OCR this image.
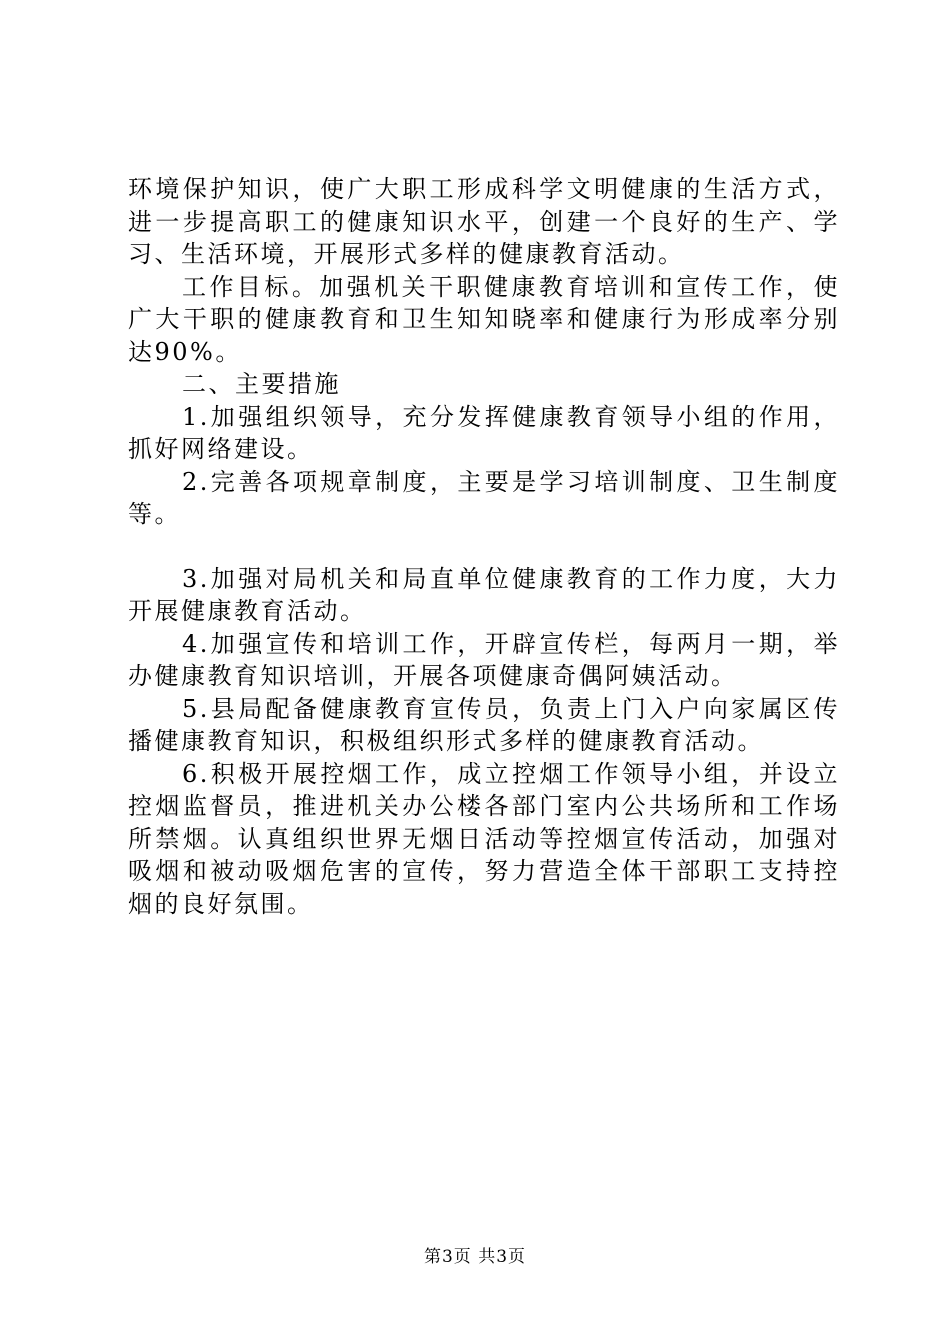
环境保护知识，使广大职工形成科学文明健康的生活方式，进一步提高职工的健康知识水平，创建一个良好的生产、学习、生活环境，开展形式多样的健康教育活动。

工作目标。加强机关干职健康教育培训和宣传工作，使广大干职的健康教育和卫生知知晓率和健康行为形成率分别达90%。

二、主要措施

1.加强组织领导，充分发挥健康教育领导小组的作用，抓好网络建设。

2.完善各项规章制度，主要是学习培训制度、卫生制度等。

3.加强对局机关和局直单位健康教育的工作力度，大力开展健康教育活动。

4.加强宣传和培训工作，开辟宣传栏，每两月一期，举办健康教育知识培训，开展各项健康奇偶阿姨活动。

5.县局配备健康教育宣传员，负责上门入户向家属区传播健康教育知识，积极组织形式多样的健康教育活动。

6.积极开展控烟工作，成立控烟工作领导小组，并设立控烟监督员，推进机关办公楼各部门室内公共场所和工作场所禁烟。认真组织世界无烟日活动等控烟宣传活动，加强对吸烟和被动吸烟危害的宣传，努力营造全体干部职工支持控烟的良好氛围。

第3页 共3页
